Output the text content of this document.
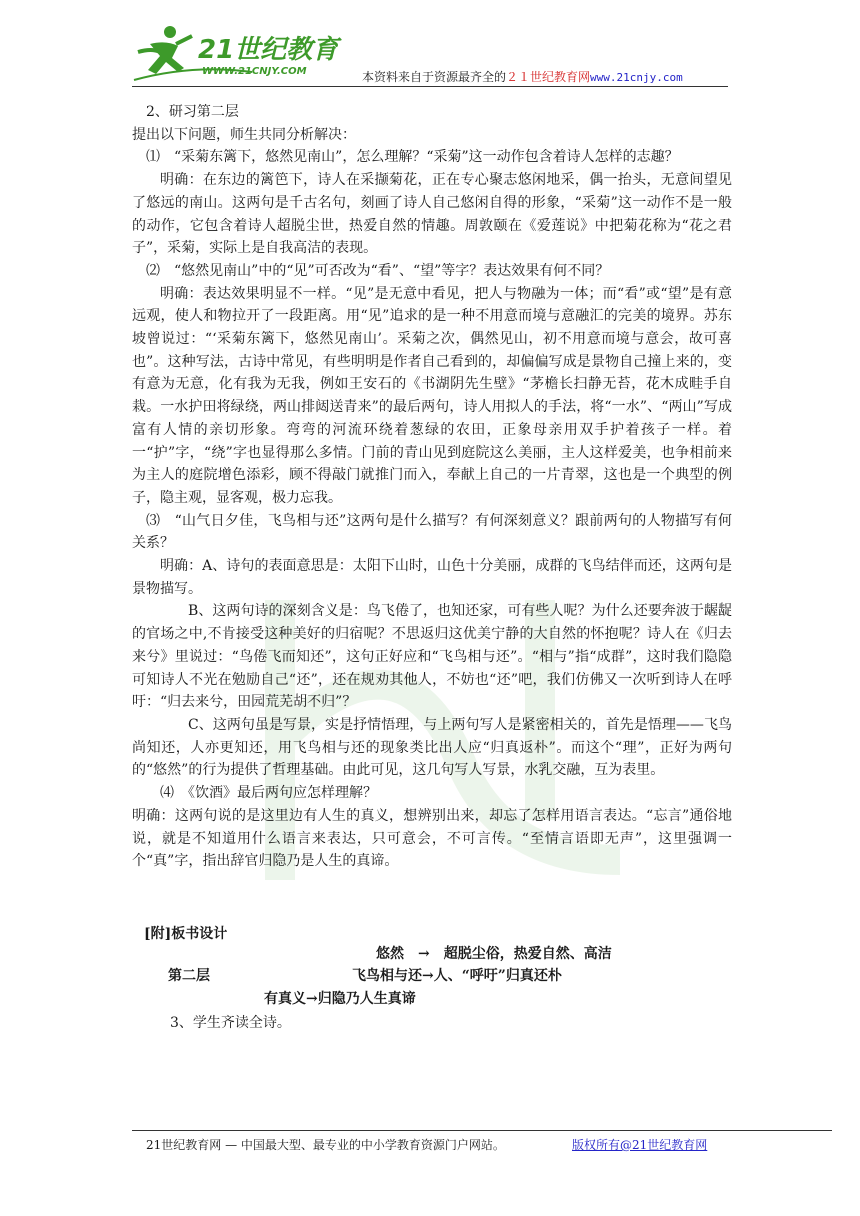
21世纪教育
WWW.21CNJY.COM	本资料来自于资源最齐全的２１世纪教育网www.21cnjy.com

2、研习第二层

提出以下问题，师生共同分析解决：

⑴　“采菊东篱下，悠然见南山”，怎么理解？“采菊”这一动作包含着诗人怎样的志趣？

明确：在东边的篱笆下，诗人在采撷菊花，正在专心聚志悠闲地采，偶一抬头，无意间望见了悠远的南山。这两句是千古名句，刻画了诗人自己悠闲自得的形象，“采菊”这一动作不是一般的动作，它包含着诗人超脱尘世，热爱自然的情趣。周敦颐在《爱莲说》中把菊花称为“花之君子”，采菊，实际上是自我高洁的表现。

⑵　“悠然见南山”中的“见”可否改为“看”、“望”等字？表达效果有何不同？

明确：表达效果明显不一样。“见”是无意中看见，把人与物融为一体；而“看”或“望”是有意远观，使人和物拉开了一段距离。用“见”追求的是一种不用意而境与意融汇的完美的境界。苏东坡曾说过：“‘采菊东篱下，悠然见南山’。采菊之次，偶然见山，初不用意而境与意会，故可喜也”。这种写法，古诗中常见，有些明明是作者自己看到的，却偏偏写成是景物自己撞上来的，变有意为无意，化有我为无我，例如王安石的《书湖阴先生壁》“茅檐长扫静无苔，花木成畦手自栽。一水护田将绿绕，两山排闼送青来”的最后两句，诗人用拟人的手法，将“一水”、“两山”写成富有人情的亲切形象。弯弯的河流环绕着葱绿的农田，正象母亲用双手护着孩子一样。着一“护”字，“绕”字也显得那么多情。门前的青山见到庭院这么美丽，主人这样爱美，也争相前来为主人的庭院增色添彩，顾不得敲门就推门而入，奉献上自己的一片青翠，这也是一个典型的例子，隐主观，显客观，极力忘我。

⑶　“山气日夕佳，飞鸟相与还”这两句是什么描写？有何深刻意义？跟前两句的人物描写有何关系？

明确：A、诗句的表面意思是：太阳下山时，山色十分美丽，成群的飞鸟结伴而还，这两句是景物描写。

B、这两句诗的深刻含义是：鸟飞倦了，也知还家，可有些人呢？为什么还要奔波于龌龊的官场之中,不肯接受这种美好的归宿呢？不思返归这优美宁静的大自然的怀抱呢？诗人在《归去来兮》里说过：“鸟倦飞而知还”，这句正好应和“飞鸟相与还”。“相与”指“成群”，这时我们隐隐可知诗人不光在勉励自己“还”，还在规劝其他人，不妨也“还”吧，我们仿佛又一次听到诗人在呼吁：“归去来兮，田园荒芜胡不归”？

C、这两句虽是写景，实是抒情悟理，与上两句写人是紧密相关的，首先是悟理——飞鸟尚知还，人亦更知还，用飞鸟相与还的现象类比出人应“归真返朴”。而这个“理”，正好为两句的“悠然”的行为提供了哲理基础。由此可见，这几句写人写景，水乳交融，互为表里。

⑷　《饮酒》最后两句应怎样理解？

明确：这两句说的是这里边有人生的真义，想辨别出来，却忘了怎样用语言表达。“忘言”通俗地说，就是不知道用什么语言来表达，只可意会，不可言传。“至情言语即无声”，这里强调一个“真”字，指出辞官归隐乃是人生的真谛。

[附]板书设计
悠然　→　超脱尘俗，热爱自然、高洁
第二层	飞鸟相与还→人、“呼吁”归真还朴
有真义→归隐乃人生真谛
3、学生齐读全诗。
21世纪教育网 — 中国最大型、最专业的中小学教育资源门户网站。	版权所有@21世纪教育网
